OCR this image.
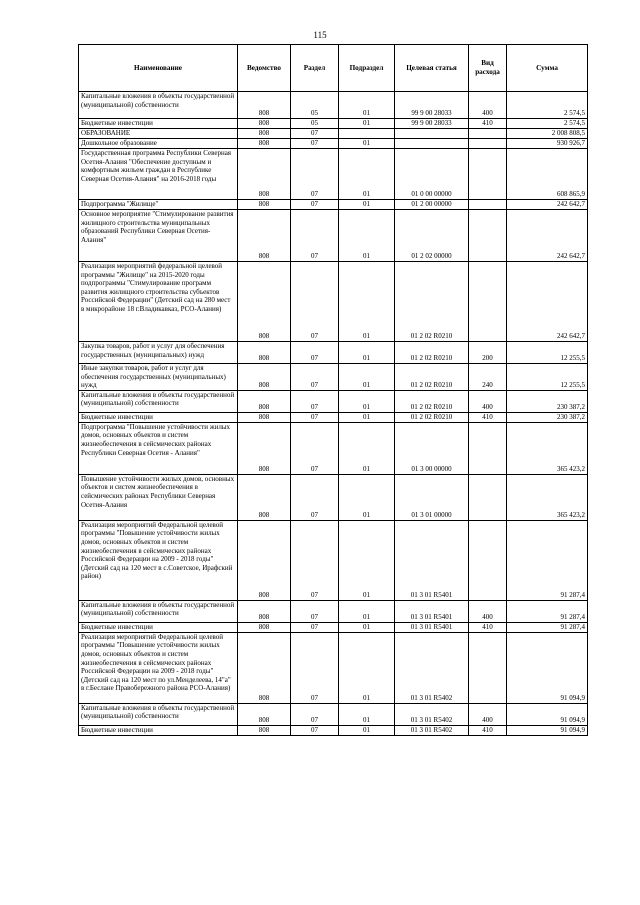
115
Наименование	Ведомство	Раздел	Подраздел	Целевая статья	Вид расхода	Сумма
Капитальные вложения в объекты государственной (муниципальной) собственности	808	05	01	99 9 00 28033	400	2 574,5
Бюджетные инвестиции	808	05	01	99 9 00 28033	410	2 574,5
ОБРАЗОВАНИЕ	808	07				2 008 808,5
Дошкольное образование	808	07	01			930 926,7
Государственная программа Республики Северная Осетия-Алания "Обеспечение доступным и комфортным жильем граждан в Республике Северная Осетия-Алания" на 2016-2018 годы	808	07	01	01 0 00 00000		608 865,9
Подпрограмма "Жилище"	808	07	01	01 2 00 00000		242 642,7
Основное мероприятие "Стимулирование развития жилищного строительства муниципальных образований Республики Северная Осетия-Алания"	808	07	01	01 2 02 00000		242 642,7
Реализация мероприятий федеральной целевой программы "Жилище" на 2015-2020 годы подпрограммы "Стимулирование программ развития жилищного строительства субъектов Российской Федерации" (Детский сад на 280 мест в микрорайоне 18 г.Владикавказ, РСО-Алания)	808	07	01	01 2 02 R0210		242 642,7
Закупка товаров, работ и услуг для обеспечения государственных (муниципальных) нужд	808	07	01	01 2 02 R0210	200	12 255,5
Иные закупки товаров, работ и услуг для обеспечения государственных (муниципальных) нужд	808	07	01	01 2 02 R0210	240	12 255,5
Капитальные вложения в объекты государственной (муниципальной) собственности	808	07	01	01 2 02 R0210	400	230 387,2
Бюджетные инвестиции	808	07	01	01 2 02 R0210	410	230 387,2
Подпрограмма "Повышение устойчивости жилых домов, основных объектов и систем жизнеобеспечения в сейсмических районах Республики Северная Осетия - Алания"	808	07	01	01 3 00 00000		365 423,2
Повышение устойчивости жилых домов, основных объектов и систем жизнеобеспечения в сейсмических районах Республики Северная Осетия-Алания	808	07	01	01 3 01 00000		365 423,2
Реализация мероприятий Федеральной целевой программы "Повышение устойчивости жилых домов, основных объектов и систем жизнеобеспечения в сейсмических районах Российской Федерации на 2009 - 2018 годы" (Детский сад на 120 мест в с.Советское, Ирафский район)	808	07	01	01 3 01 R5401		91 287,4
Капитальные вложения в объекты государственной (муниципальной) собственности	808	07	01	01 3 01 R5401	400	91 287,4
Бюджетные инвестиции	808	07	01	01 3 01 R5401	410	91 287,4
Реализация мероприятий Федеральной целевой программы "Повышение устойчивости жилых домов, основных объектов и систем жизнеобеспечения в сейсмических районах Российской Федерации на 2009 - 2018 годы" (Детский сад на 120 мест по ул.Менделеева, 14"а" в г.Беслане Правобережного района РСО-Алания)	808	07	01	01 3 01 R5402		91 094,9
Капитальные вложения в объекты государственной (муниципальной) собственности	808	07	01	01 3 01 R5402	400	91 094,9
Бюджетные инвестиции	808	07	01	01 3 01 R5402	410	91 094,9
